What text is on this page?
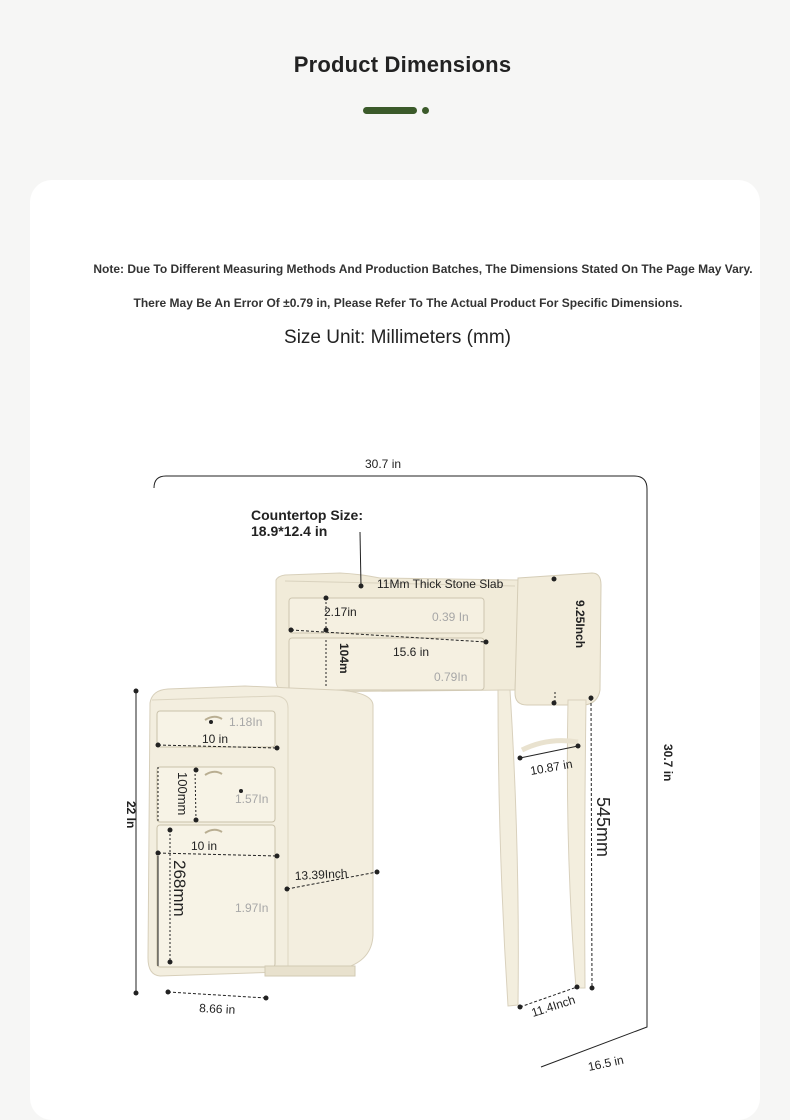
Product Dimensions
Note: Due To Different Measuring Methods And Production Batches, The Dimensions Stated On The Page May Vary.
There May Be An Error Of ±0.79 in, Please Refer To The Actual Product For Specific Dimensions.
Size Unit: Millimeters (mm)
30.7 in
Countertop Size:
18.9*12.4 in
11Mm Thick Stone Slab
2.17in	0.39 In
15.6 in
104m
0.79In
9.25Inch
10.87 in
545mm
11.4Inch
30.7 in
16.5 in
1.18In
10 in
100mm	1.57In
10 in
268mm	1.97In
13.39Inch
22 In
8.66 in
